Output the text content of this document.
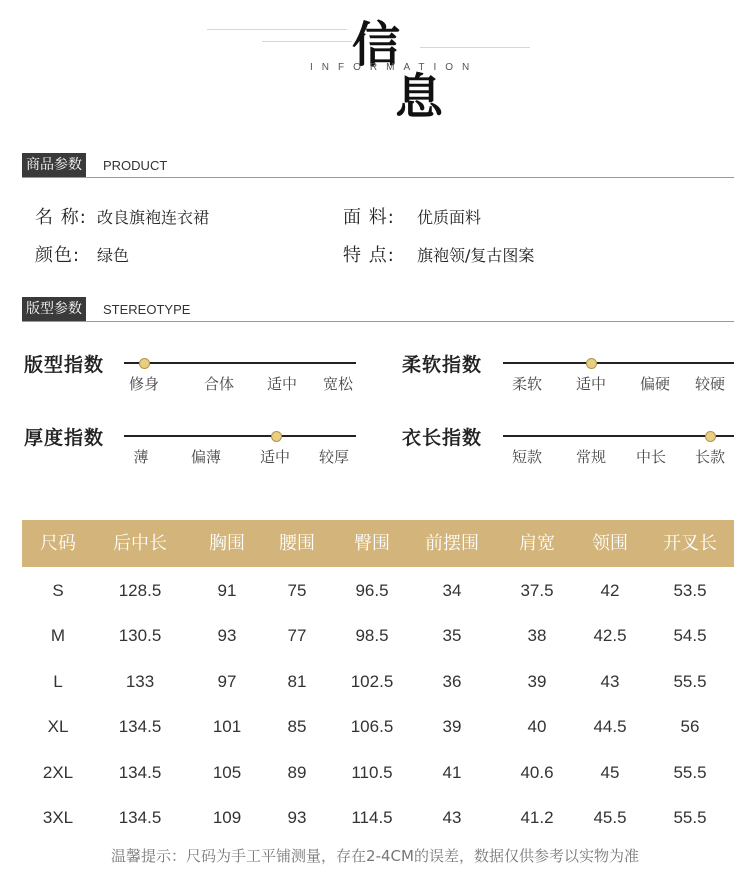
信
INFORMATION
息
商品参数	PRODUCT
名 称: 改良旗袍连衣裙	面 料: 优质面料
颜色: 绿色	特 点: 旗袍领/复古图案
版型参数	STEREOTYPE
版型指数
修身	合体 适中 宽松
柔软指数
柔软 适中 偏硬 较硬
厚度指数
薄	偏薄	适中 较厚
衣长指数
短款 常规 中长 长款
尺码 后中长 胸围 腰围 臀围 前摆围 肩宽 领围 开叉长
S	128.5	91	75	96.5	34	37.5	42	53.5
M	130.5	93	77	98.5	35	38	42.5	54.5
L	133	97	81	102.5	36	39	43	55.5
XL	134.5	101	85	106.5	39	40	44.5	56
2XL	134.5	105	89	110.5	41	40.6	45	55.5
3XL	134.5	109	93	114.5	43	41.2 45.5	55.5
温馨提示：尺码为手工平铺测量，存在2-4CM的误差，数据仅供参考以实物为准
